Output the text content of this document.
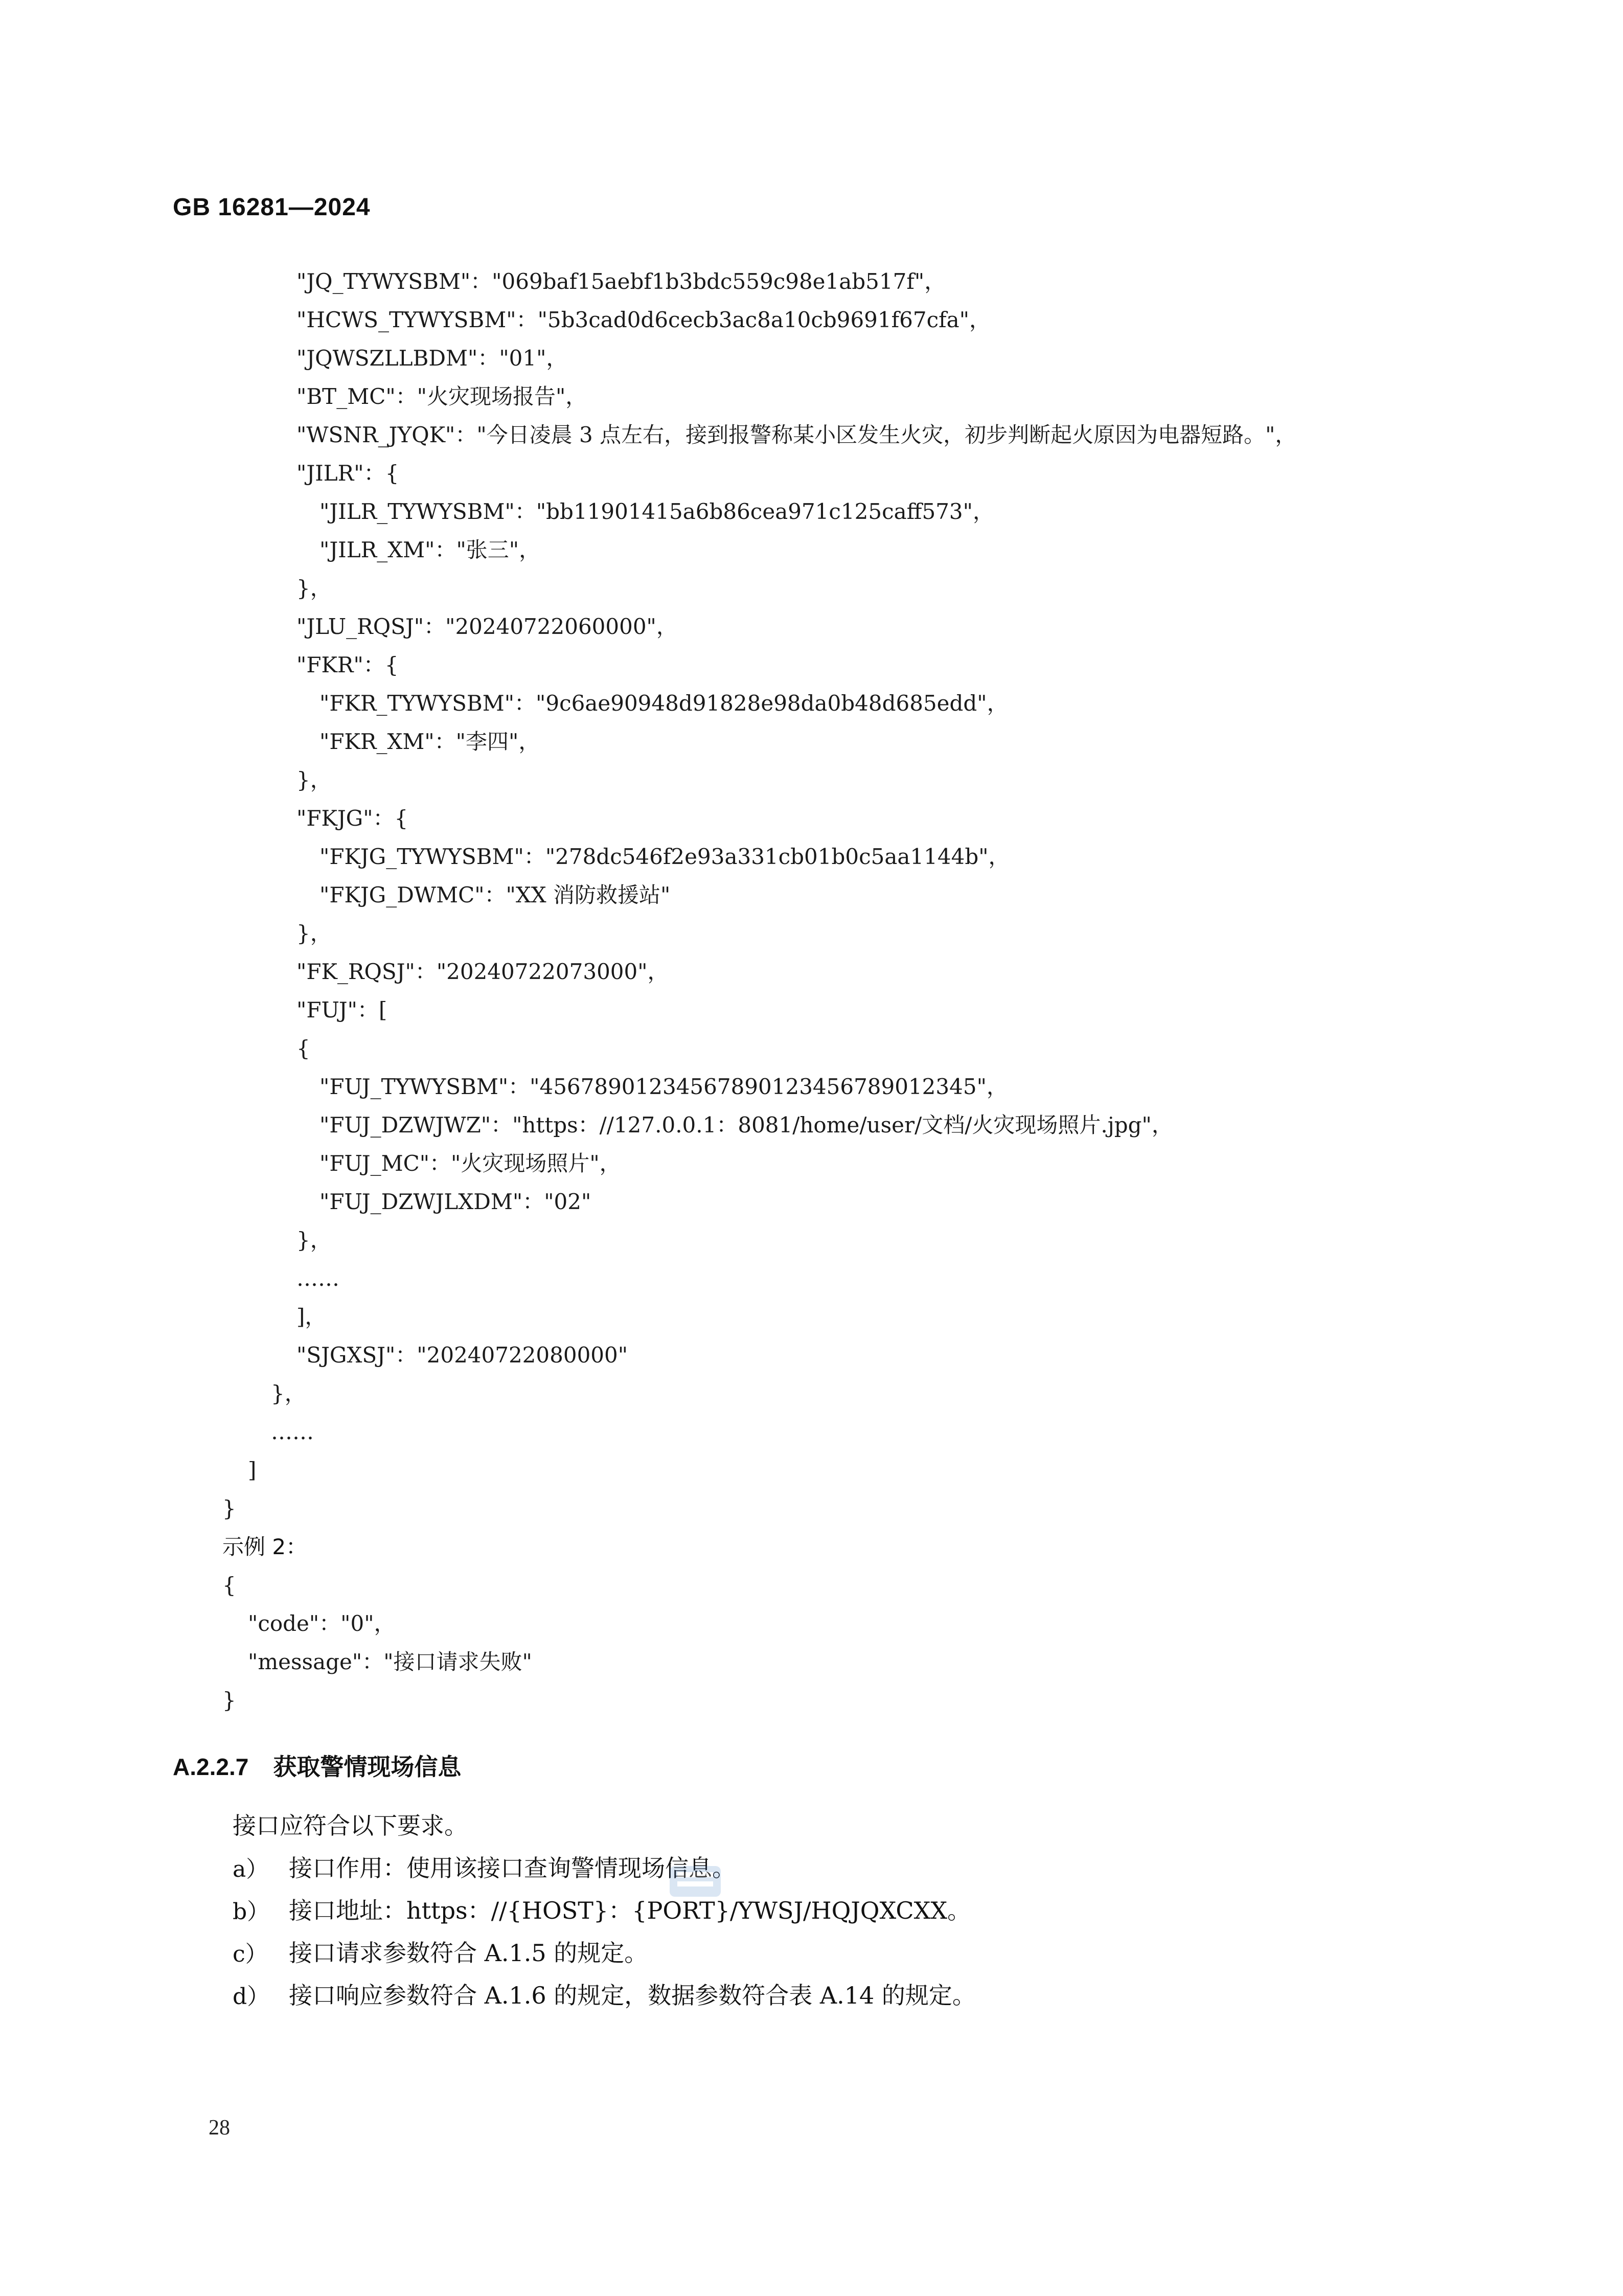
GB 16281—2024
"JQ_TYWYSBM"："069baf15aebf1b3bdc559c98e1ab517f"，
"HCWS_TYWYSBM"："5b3cad0d6cecb3ac8a10cb9691f67cfa"，
"JQWSZLLBDM"："01"，
"BT_MC"："火灾现场报告"，
"WSNR_JYQK"："今日凌晨 3 点左右，接到报警称某小区发生火灾，初步判断起火原因为电器短路。"，
"JILR"：{
"JILR_TYWYSBM"："bb11901415a6b86cea971c125caff573"，
"JILR_XM"："张三"，
}，
"JLU_RQSJ"："20240722060000"，
"FKR"：{
"FKR_TYWYSBM"："9c6ae90948d91828e98da0b48d685edd"，
"FKR_XM"："李四"，
}，
"FKJG"：{
"FKJG_TYWYSBM"："278dc546f2e93a331cb01b0c5aa1144b"，
"FKJG_DWMC"："XX 消防救援站"
}，
"FK_RQSJ"："20240722073000"，
"FUJ"：[
{
"FUJ_TYWYSBM"："45678901234567890123456789012345"，
"FUJ_DZWJWZ"："https：//127.0.0.1：8081/home/user/文档/火灾现场照片.jpg"，
"FUJ_MC"："火灾现场照片"，
"FUJ_DZWJLXDM"："02"
}，
……
]，
"SJGXSJ"："20240722080000"
}，
……
]
}
示例 2：
{
"code"："0"，
"message"："接口请求失败"
}
A.2.2.7 获取警情现场信息
接口应符合以下要求。
a） 接口作用：使用该接口查询警情现场信息。
b） 接口地址：https：//{HOST}：{PORT}/YWSJ/HQJQXCXX。
c） 接口请求参数符合 A.1.5 的规定。
d） 接口响应参数符合 A.1.6 的规定，数据参数符合表 A.14 的规定。
28
